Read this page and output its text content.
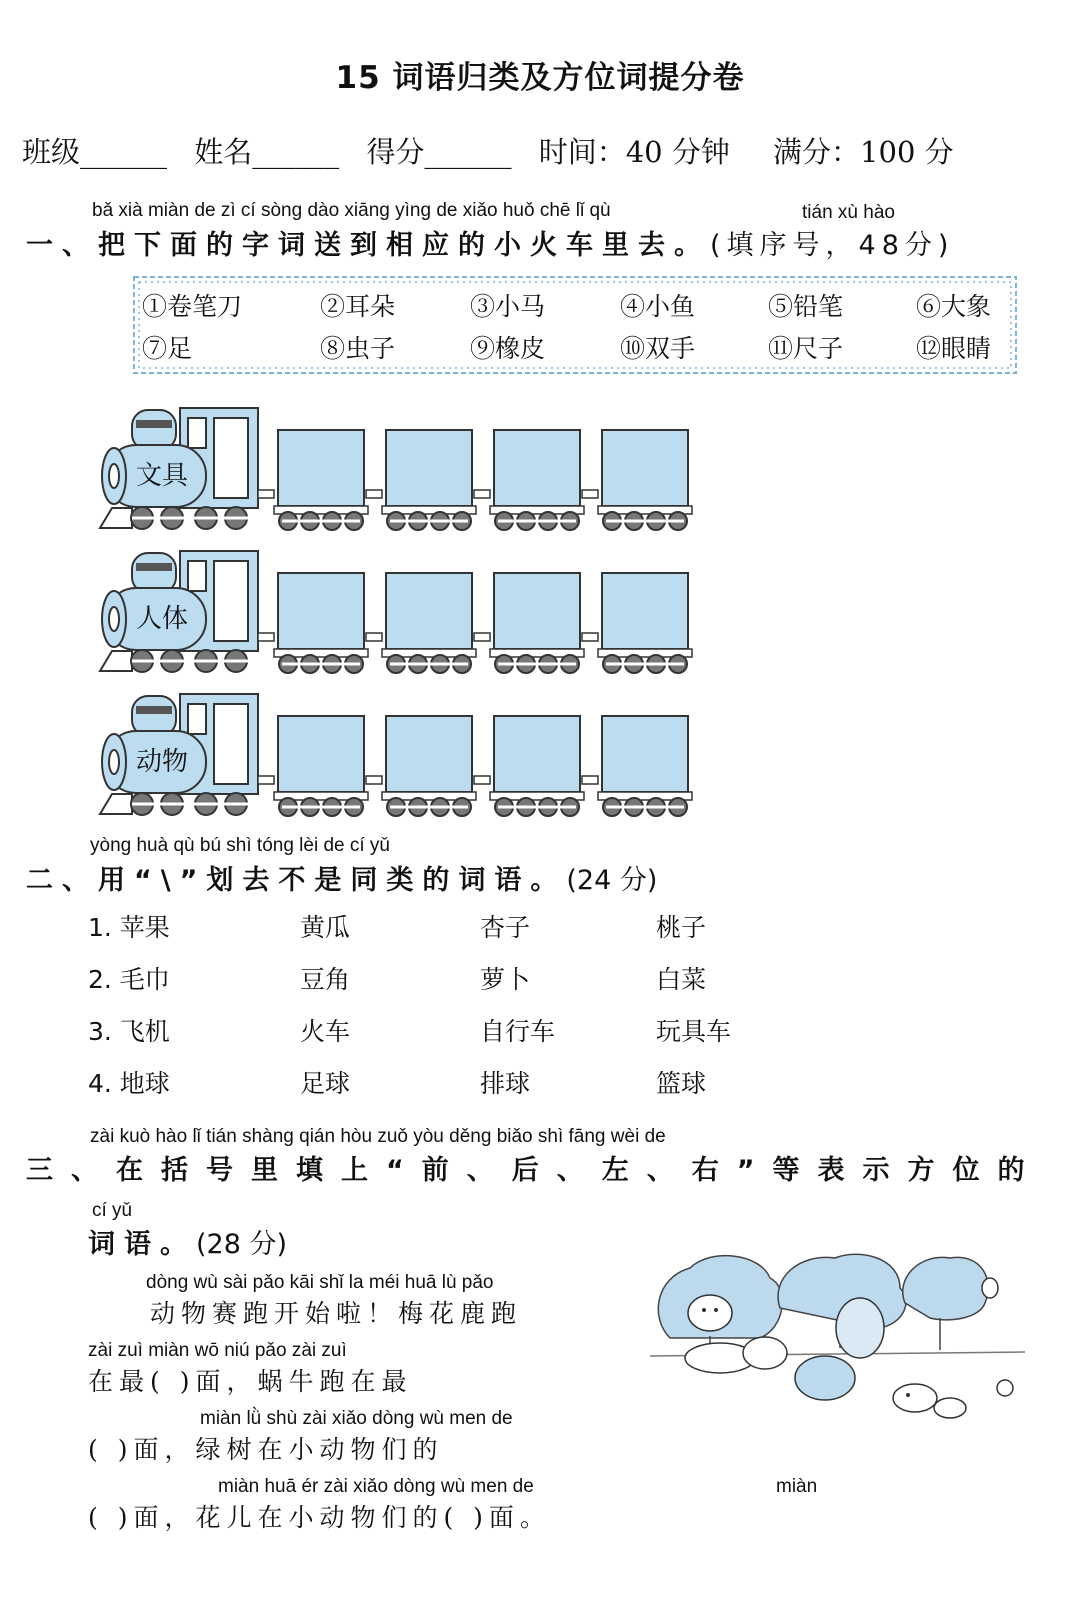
15 词语归类及方位词提分卷
班级______ 姓名______ 得分______ 时间：40 分钟 满分：100 分
bǎ xià miàn de zì cí sòng dào xiāng yìng de xiǎo huǒ chē lǐ qù	tián xù hào
一、把下面的字词送到相应的小火车里去。(填序号，48分)
①卷笔刀	②耳朵	③小马	④小鱼	⑤铅笔	⑥大象
⑦足	⑧虫子	⑨橡皮	⑩双手	⑪尺子	⑫眼睛
文具
人体
动物
yòng huà qù bú shì tóng lèi de cí yǔ
二、用“\”划去不是同类的词语。(24 分)
1. 苹果	黄瓜	杏子	桃子
2. 毛巾	豆角	萝卜	白菜
3. 飞机	火车	自行车	玩具车
4. 地球	足球	排球	篮球
zài kuò hào lǐ tián shàng qián hòu zuǒ yòu děng biǎo shì fāng wèi de
三、在括号里填上“前、后、左、右”等表示方位的
cí yǔ
词语。(28 分)
dòng wù sài pǎo kāi shǐ la méi huā lù pǎo
动物赛跑开始啦！梅花鹿跑
zài zuì miàn wō niú pǎo zài zuì
在最( )面，蜗牛跑在最
miàn lǜ shù zài xiǎo dòng wù men de
( )面，绿树在小动物们的
miàn huā ér zài xiǎo dòng wù men de	miàn
( )面，花儿在小动物们的( )面。
